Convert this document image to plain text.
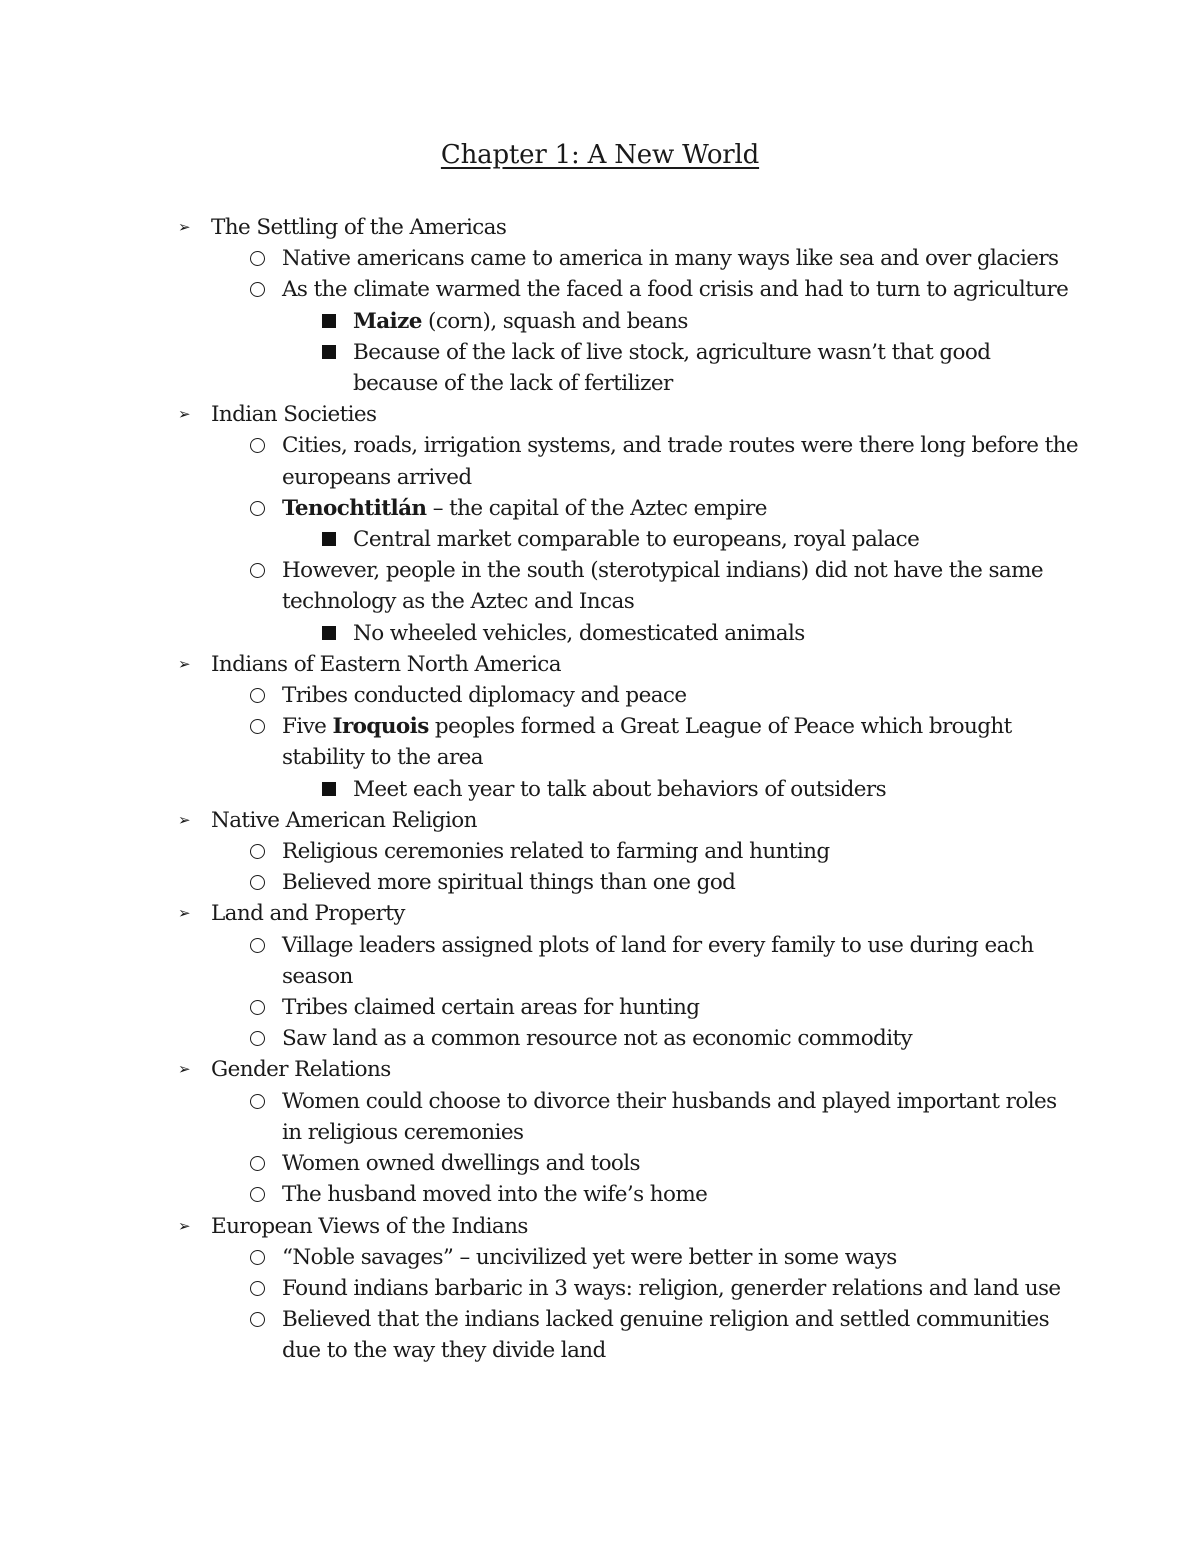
Chapter 1: A New World
➢ The Settling of the Americas
Native americans came to america in many ways like sea and over glaciers
As the climate warmed the faced a food crisis and had to turn to agriculture
Maize (corn), squash and beans
Because of the lack of live stock, agriculture wasn’t that good because of the lack of fertilizer
➢ Indian Societies
Cities, roads, irrigation systems, and trade routes were there long before the europeans arrived
Tenochtitlán – the capital of the Aztec empire
Central market comparable to europeans, royal palace
However, people in the south (sterotypical indians) did not have the same technology as the Aztec and Incas
No wheeled vehicles, domesticated animals
➢ Indians of Eastern North America
Tribes conducted diplomacy and peace
Five Iroquois peoples formed a Great League of Peace which brought stability to the area
Meet each year to talk about behaviors of outsiders
➢ Native American Religion
Religious ceremonies related to farming and hunting
Believed more spiritual things than one god
➢ Land and Property
Village leaders assigned plots of land for every family to use during each season
Tribes claimed certain areas for hunting
Saw land as a common resource not as economic commodity
➢ Gender Relations
Women could choose to divorce their husbands and played important roles in religious ceremonies
Women owned dwellings and tools
The husband moved into the wife’s home
➢ European Views of the Indians
“Noble savages” – uncivilized yet were better in some ways
Found indians barbaric in 3 ways: religion, generder relations and land use
Believed that the indians lacked genuine religion and settled communities due to the way they divide land
